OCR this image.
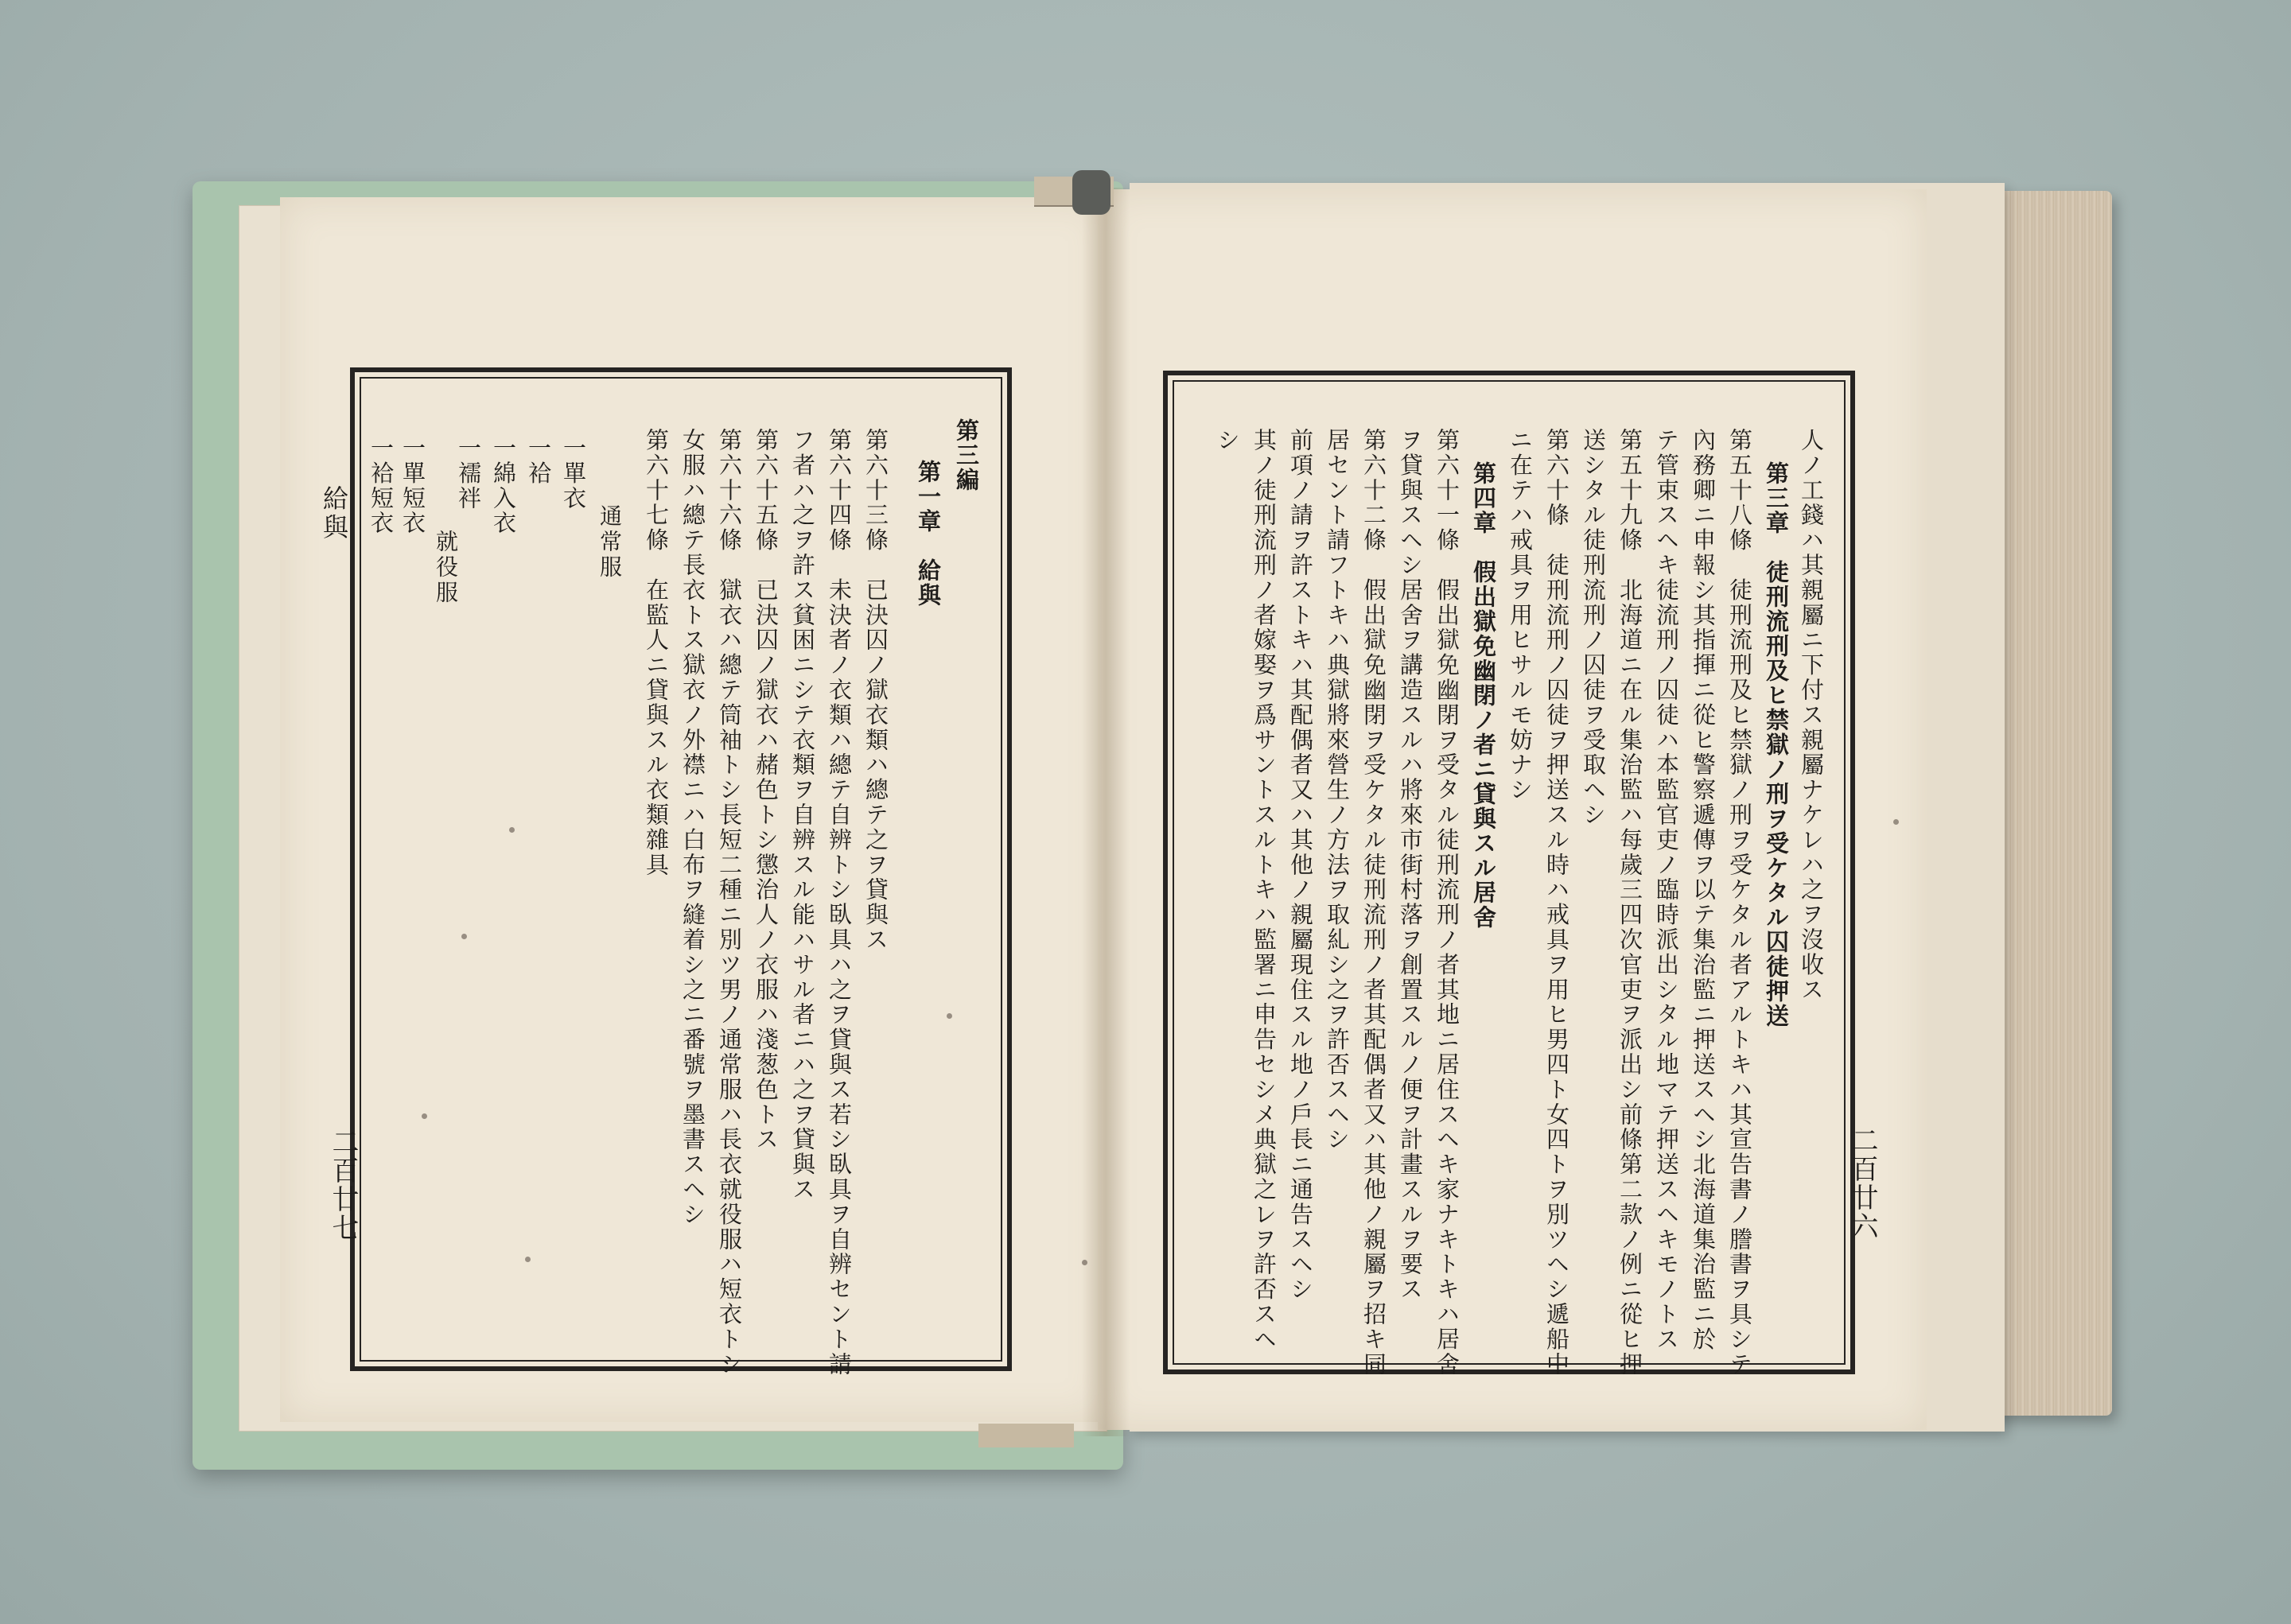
給與
二百廿七
第三編
第一章　給與
第六十三條　已決囚ノ獄衣類ハ總テ之ヲ貸與ス
第六十四條　未決者ノ衣類ハ總テ自辨トシ臥具ハ之ヲ貸與ス若シ臥具ヲ自辨セント請
フ者ハ之ヲ許ス貧困ニシテ衣類ヲ自辨スル能ハサル者ニハ之ヲ貸與ス
第六十五條　已決囚ノ獄衣ハ赭色トシ懲治人ノ衣服ハ淺葱色トス
第六十六條　獄衣ハ總テ筒袖トシ長短二種ニ別ツ男ノ通常服ハ長衣就役服ハ短衣トシ
女服ハ總テ長衣トス獄衣ノ外襟ニハ白布ヲ縫着シ之ニ番號ヲ墨書スヘシ
第六十七條　在監人ニ貸與スル衣類雜具
通常服
一單衣
一袷
一綿入衣
一襦袢
就役服
一單短衣
一袷短衣
二百廿六
人ノ工錢ハ其親屬ニ下付ス親屬ナケレハ之ヲ沒收ス
第三章　徒刑流刑及ヒ禁獄ノ刑ヲ受ケタル囚徒押送
第五十八條　徒刑流刑及ヒ禁獄ノ刑ヲ受ケタル者アルトキハ其宣告書ノ謄書ヲ具シテ
內務卿ニ申報シ其指揮ニ從ヒ警察遞傳ヲ以テ集治監ニ押送スヘシ北海道集治監ニ於
テ管束スヘキ徒流刑ノ囚徒ハ本監官吏ノ臨時派出シタル地マテ押送スヘキモノトス
第五十九條　北海道ニ在ル集治監ハ每歲三四次官吏ヲ派出シ前條第二款ノ例ニ從ヒ押
送シタル徒刑流刑ノ囚徒ヲ受取ヘシ
第六十條　徒刑流刑ノ囚徒ヲ押送スル時ハ戒具ヲ用ヒ男四ト女四トヲ別ツヘシ遞船中
ニ在テハ戒具ヲ用ヒサルモ妨ナシ
第四章　假出獄免幽閉ノ者ニ貸與スル居舍
第六十一條　假出獄免幽閉ヲ受タル徒刑流刑ノ者其地ニ居住スヘキ家ナキトキハ居舍
ヲ貸與スヘシ居舍ヲ講造スルハ將來市街村落ヲ創置スルノ便ヲ計畫スルヲ要ス
第六十二條　假出獄免幽閉ヲ受ケタル徒刑流刑ノ者其配偶者又ハ其他ノ親屬ヲ招キ同
居セント請フトキハ典獄將來營生ノ方法ヲ取糺シ之ヲ許否スヘシ
前項ノ請ヲ許ストキハ其配偶者又ハ其他ノ親屬現住スル地ノ戶長ニ通告スヘシ
其ノ徒刑流刑ノ者嫁娶ヲ爲サントスルトキハ監署ニ申告セシメ典獄之レヲ許否スヘ
シ
